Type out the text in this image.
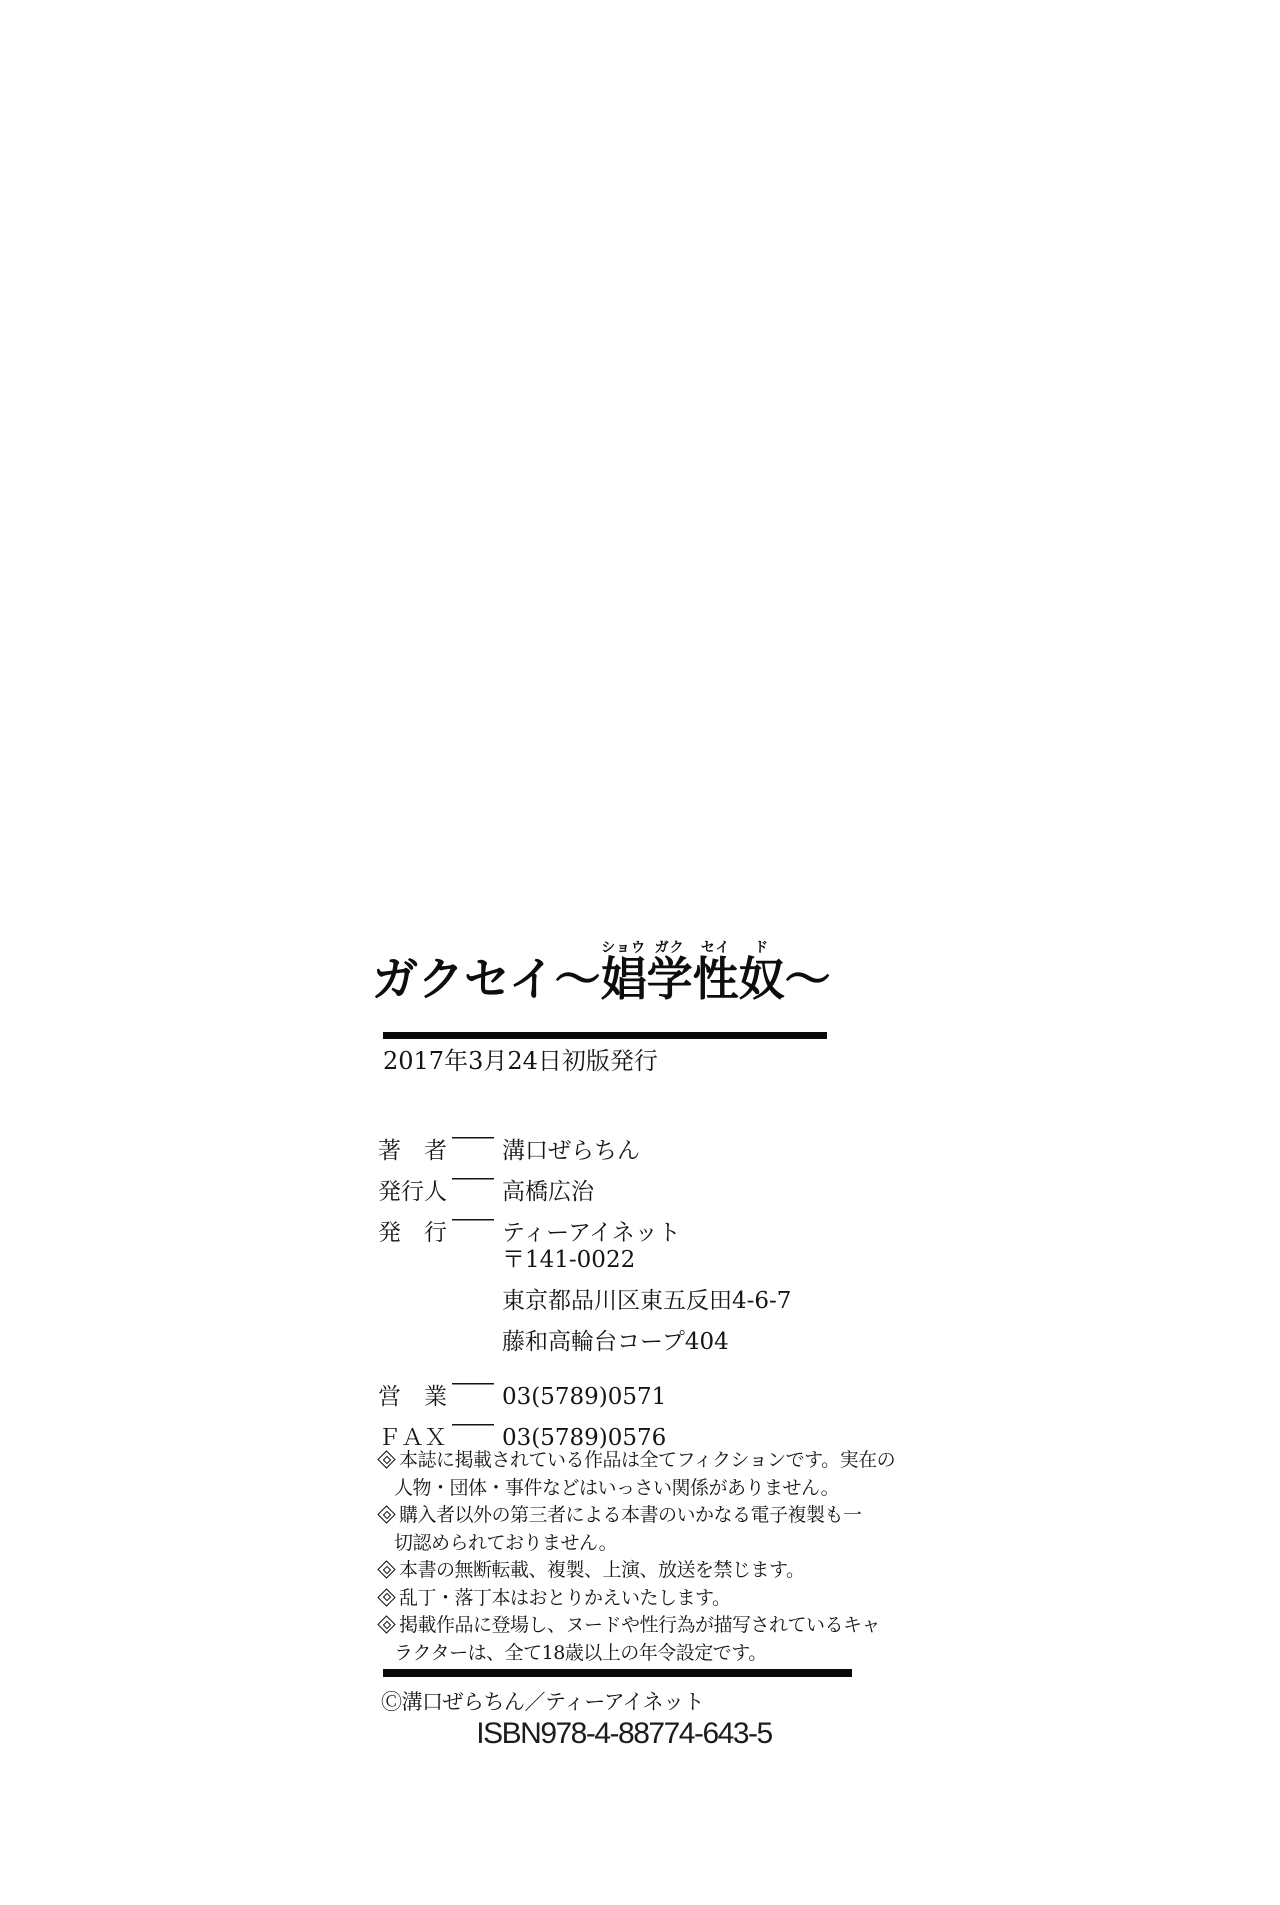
ガクセイ～娼ショウ学ガク性セイ奴ド～
2017年3月24日初版発行
著　者——溝口ぜらちん
発行人——高橋広治
発　行——ティーアイネット
〒141-0022
東京都品川区東五反田4-6-7
藤和高輪台コープ404
営　業——03(5789)0571
ＦＡＸ——03(5789)0576
本誌に掲載されている作品は全てフィクションです。実在の
人物・団体・事件などはいっさい関係がありません。
購入者以外の第三者による本書のいかなる電子複製も一
切認められておりません。
本書の無断転載、複製、上演、放送を禁じます。
乱丁・落丁本はおとりかえいたします。
掲載作品に登場し、ヌードや性行為が描写されているキャ
ラクターは、全て18歳以上の年令設定です。
Ⓒ溝口ぜらちん／ティーアイネット
ISBN978-4-88774-643-5
